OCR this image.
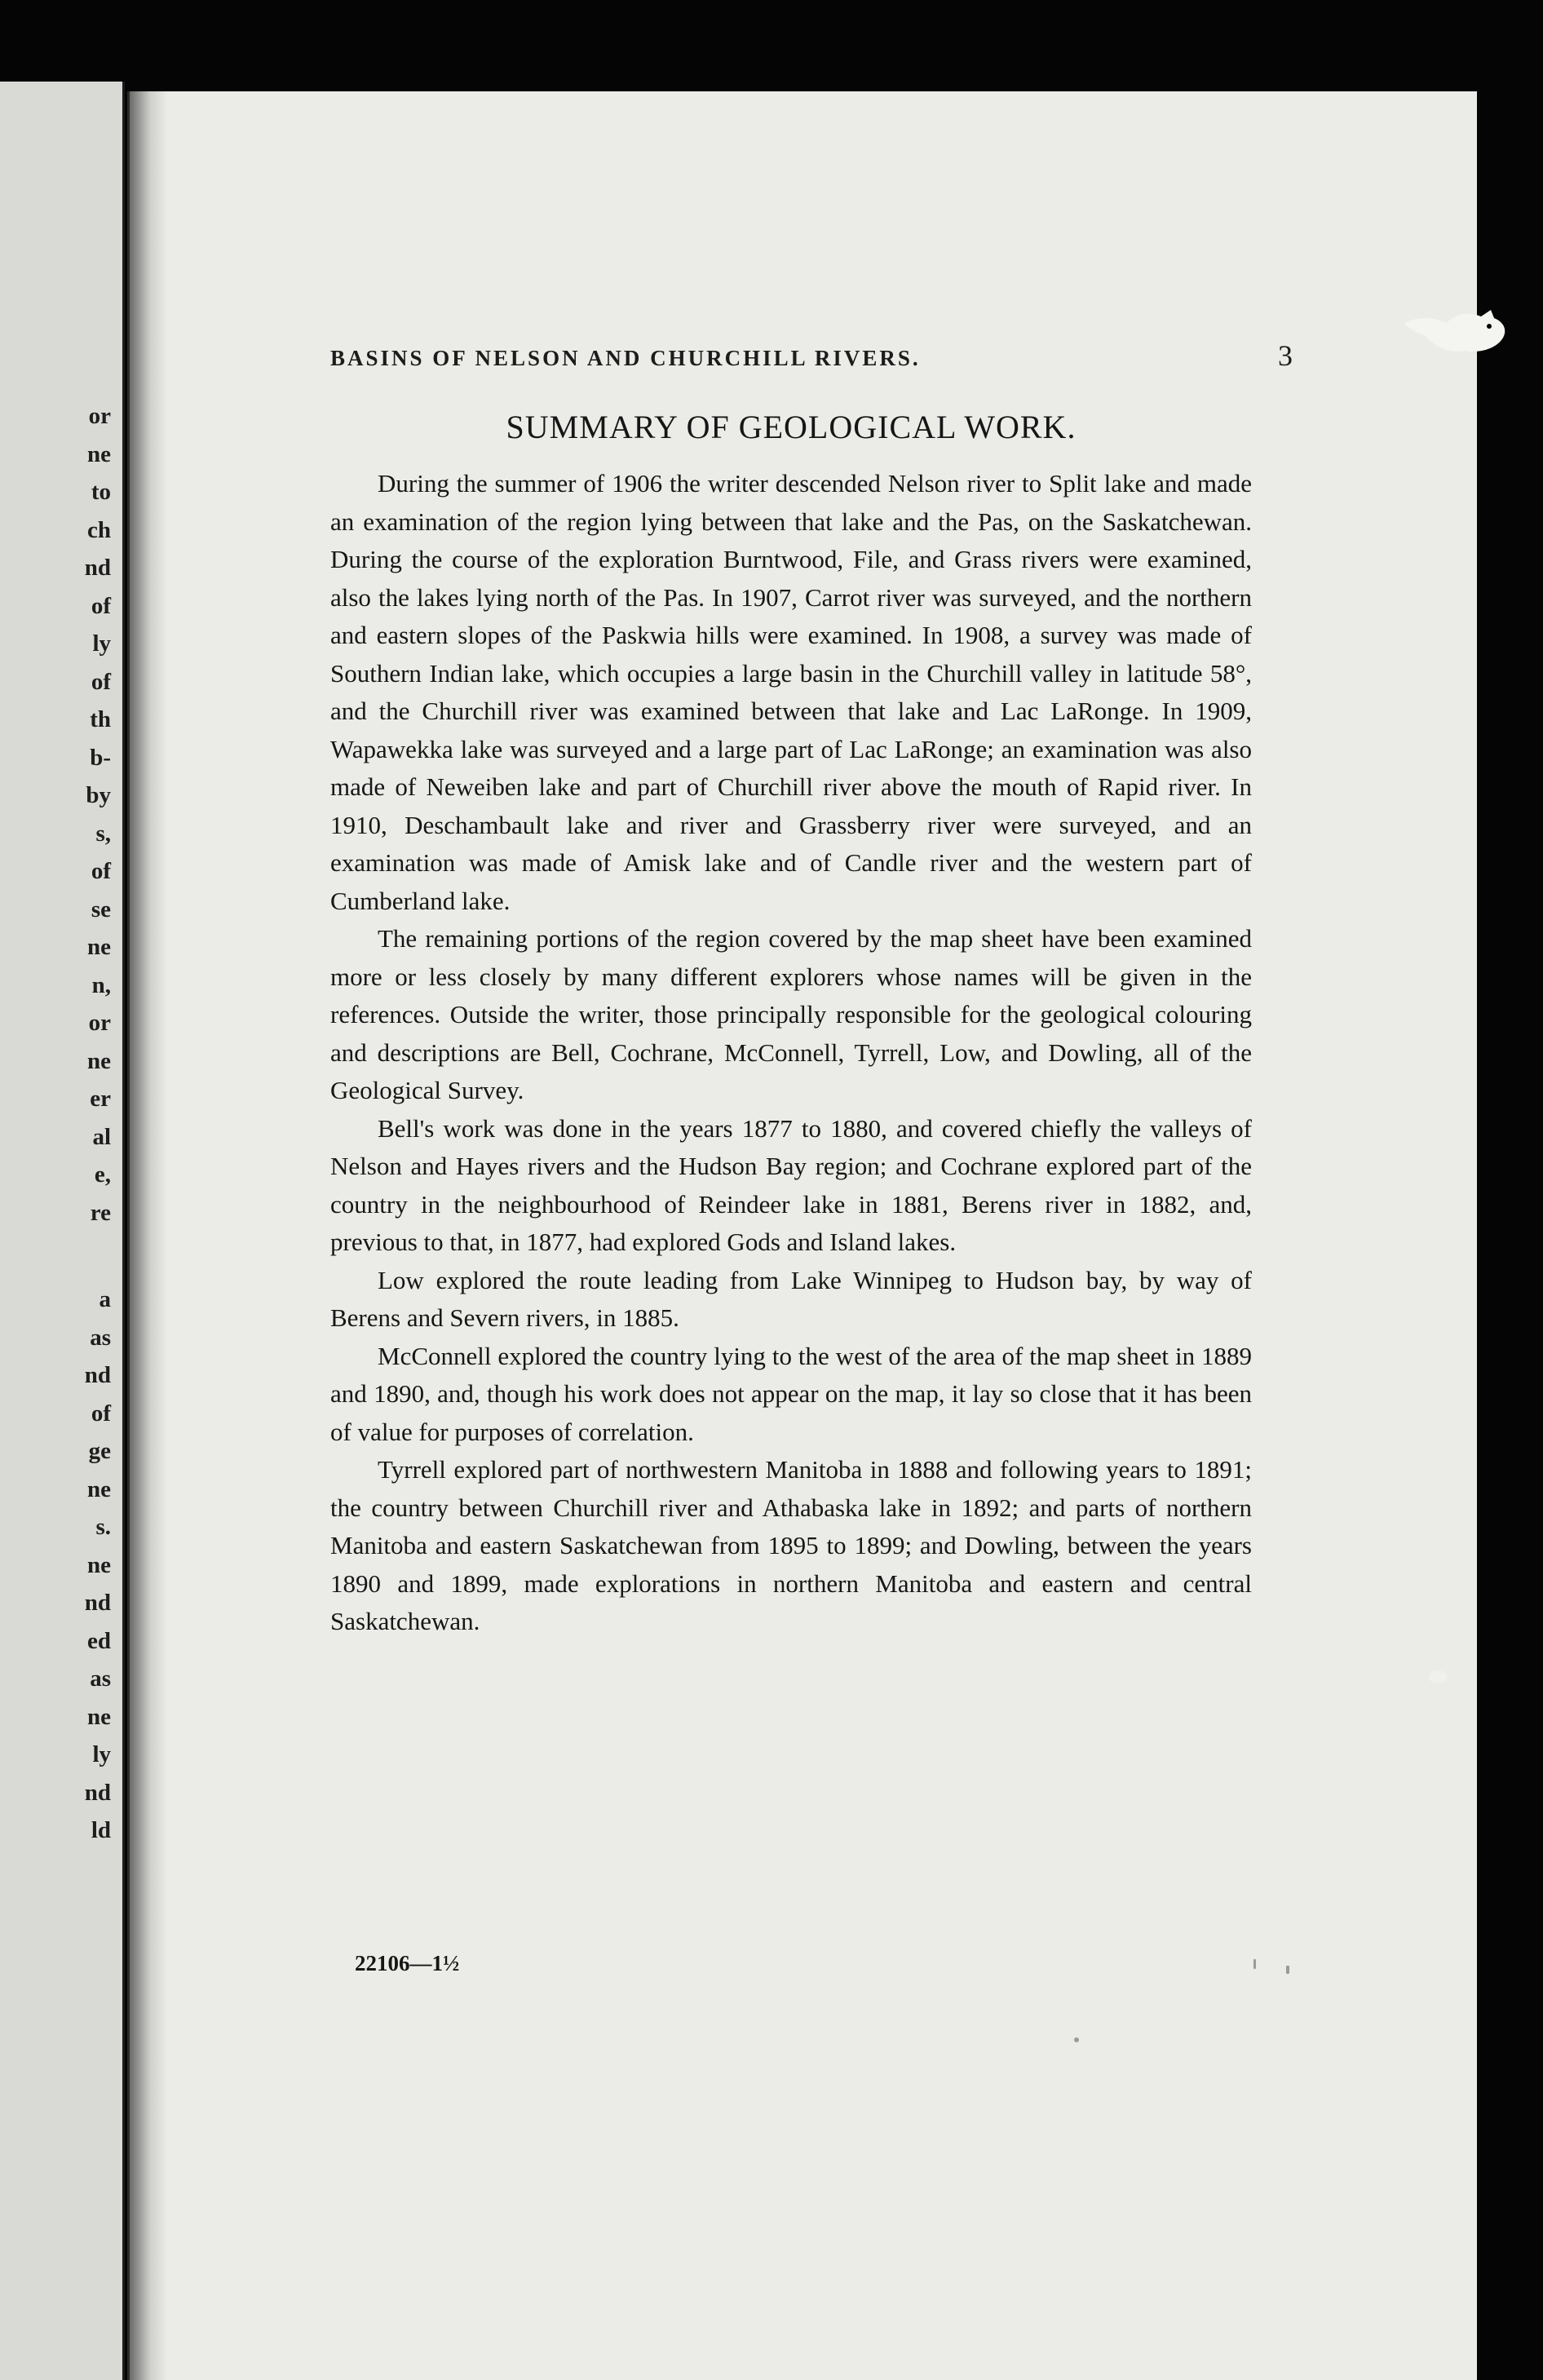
or
ne
to
ch
nd
of
ly
of
th
b-
by
s,
of
se
ne
n,
or
ne
er
al
e,
re
a
as
nd
of
ge
ne
s.
ne
nd
ed
as
ne
ly
nd
ld
BASINS OF NELSON AND CHURCHILL RIVERS.	3
SUMMARY OF GEOLOGICAL WORK.

During the summer of 1906 the writer descended Nelson river to Split lake and made an examination of the region lying between that lake and the Pas, on the Saskatchewan. During the course of the exploration Burntwood, File, and Grass rivers were examined, also the lakes lying north of the Pas. In 1907, Carrot river was surveyed, and the northern and eastern slopes of the Paskwia hills were examined. In 1908, a survey was made of Southern Indian lake, which occupies a large basin in the Churchill valley in latitude 58°, and the Churchill river was examined between that lake and Lac LaRonge. In 1909, Wapawekka lake was surveyed and a large part of Lac LaRonge; an examination was also made of Neweiben lake and part of Churchill river above the mouth of Rapid river. In 1910, Deschambault lake and river and Grassberry river were surveyed, and an examination was made of Amisk lake and of Candle river and the western part of Cumberland lake.

The remaining portions of the region covered by the map sheet have been examined more or less closely by many different explorers whose names will be given in the references. Outside the writer, those principally responsible for the geological colouring and descriptions are Bell, Cochrane, McConnell, Tyrrell, Low, and Dowling, all of the Geological Survey.

Bell's work was done in the years 1877 to 1880, and covered chiefly the valleys of Nelson and Hayes rivers and the Hudson Bay region; and Cochrane explored part of the country in the neighbourhood of Reindeer lake in 1881, Berens river in 1882, and, previous to that, in 1877, had explored Gods and Island lakes.

Low explored the route leading from Lake Winnipeg to Hudson bay, by way of Berens and Severn rivers, in 1885.

McConnell explored the country lying to the west of the area of the map sheet in 1889 and 1890, and, though his work does not appear on the map, it lay so close that it has been of value for purposes of correlation.

Tyrrell explored part of northwestern Manitoba in 1888 and following years to 1891; the country between Churchill river and Athabaska lake in 1892; and parts of northern Manitoba and eastern Saskatchewan from 1895 to 1899; and Dowling, between the years 1890 and 1899, made explorations in northern Manitoba and eastern and central Saskatchewan.

22106—1½
